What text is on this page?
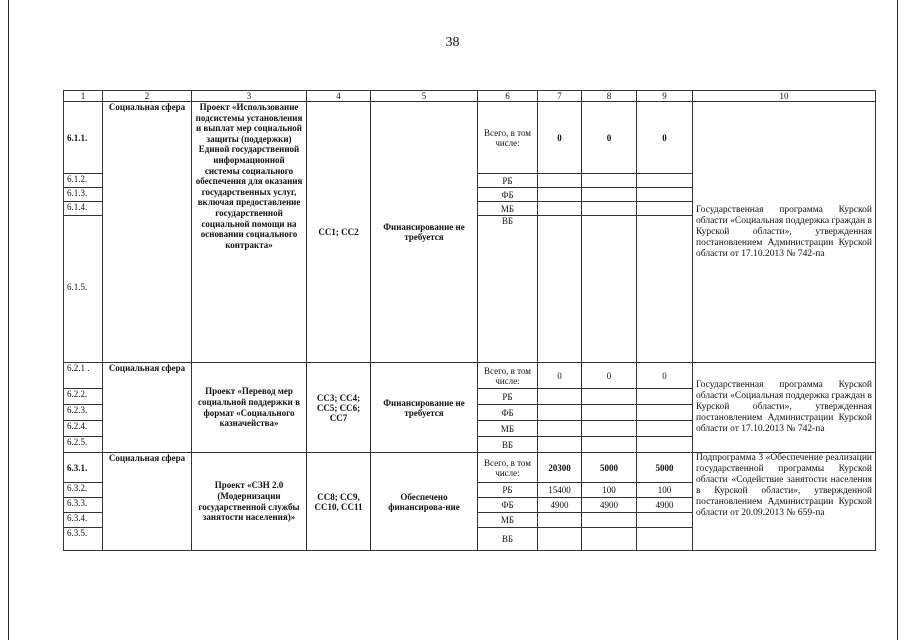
38
1	2	3	4	5	6	7	8	9	10
6.1.1.	Социальная сфера	Проект «Использование подсистемы установления и выплат мер социальной защиты (поддержки) Единой государственной информационной системы социального обеспечения для оказания государственных услуг, включая предоставление государственной социальной помощи на основании социального контракта»	СС1; СС2	Финансирование не требуется	Всего, в том числе:	0	0	0	Государственная программа Курской области «Социальная поддержка граждан в Курской области», утвержденная постановлением Администрации Курской области от 17.10.2013 № 742-па
6.1.2.					РБ				
6.1.3.					ФБ				
6.1.4.					МБ				
6.1.5.					ВБ				
6.2.1 .	Социальная сфера	Проект «Перевод мер социальной поддержки в формат «Социального казначейства»	СС3; СС4; СС5; СС6; СС7	Финансирование не требуется	Всего, в том числе:	0	0	0	Государственная программа Курской области «Социальная поддержка граждан в Курской области», утвержденная постановлением Администрации Курской области от 17.10.2013 № 742-па
6.2.2.					РБ				
6.2.3.					ФБ				
6.2.4.					МБ				
6.2.5.					ВБ				
6.3.1.	Социальная сфера	Проект «СЗН 2.0 (Модернизации государственной службы занятости населения)»	СС8; СС9, СС10, СС11	Обеспечено финансирова-ние	Всего, в том числе:	20300	5000	5000	Подпрограмма 3 «Обеспечение реализации государственной программы Курской области «Содействие занятости населения в Курской области», утвержденной постановлением Администрации Курской области от 20.09.2013 № 659-па
6.3.2.					РБ	15400	100	100	
6.3.3.					ФБ	4900	4900	4900	
6.3.4.					МБ				
6.3.5.					ВБ				
